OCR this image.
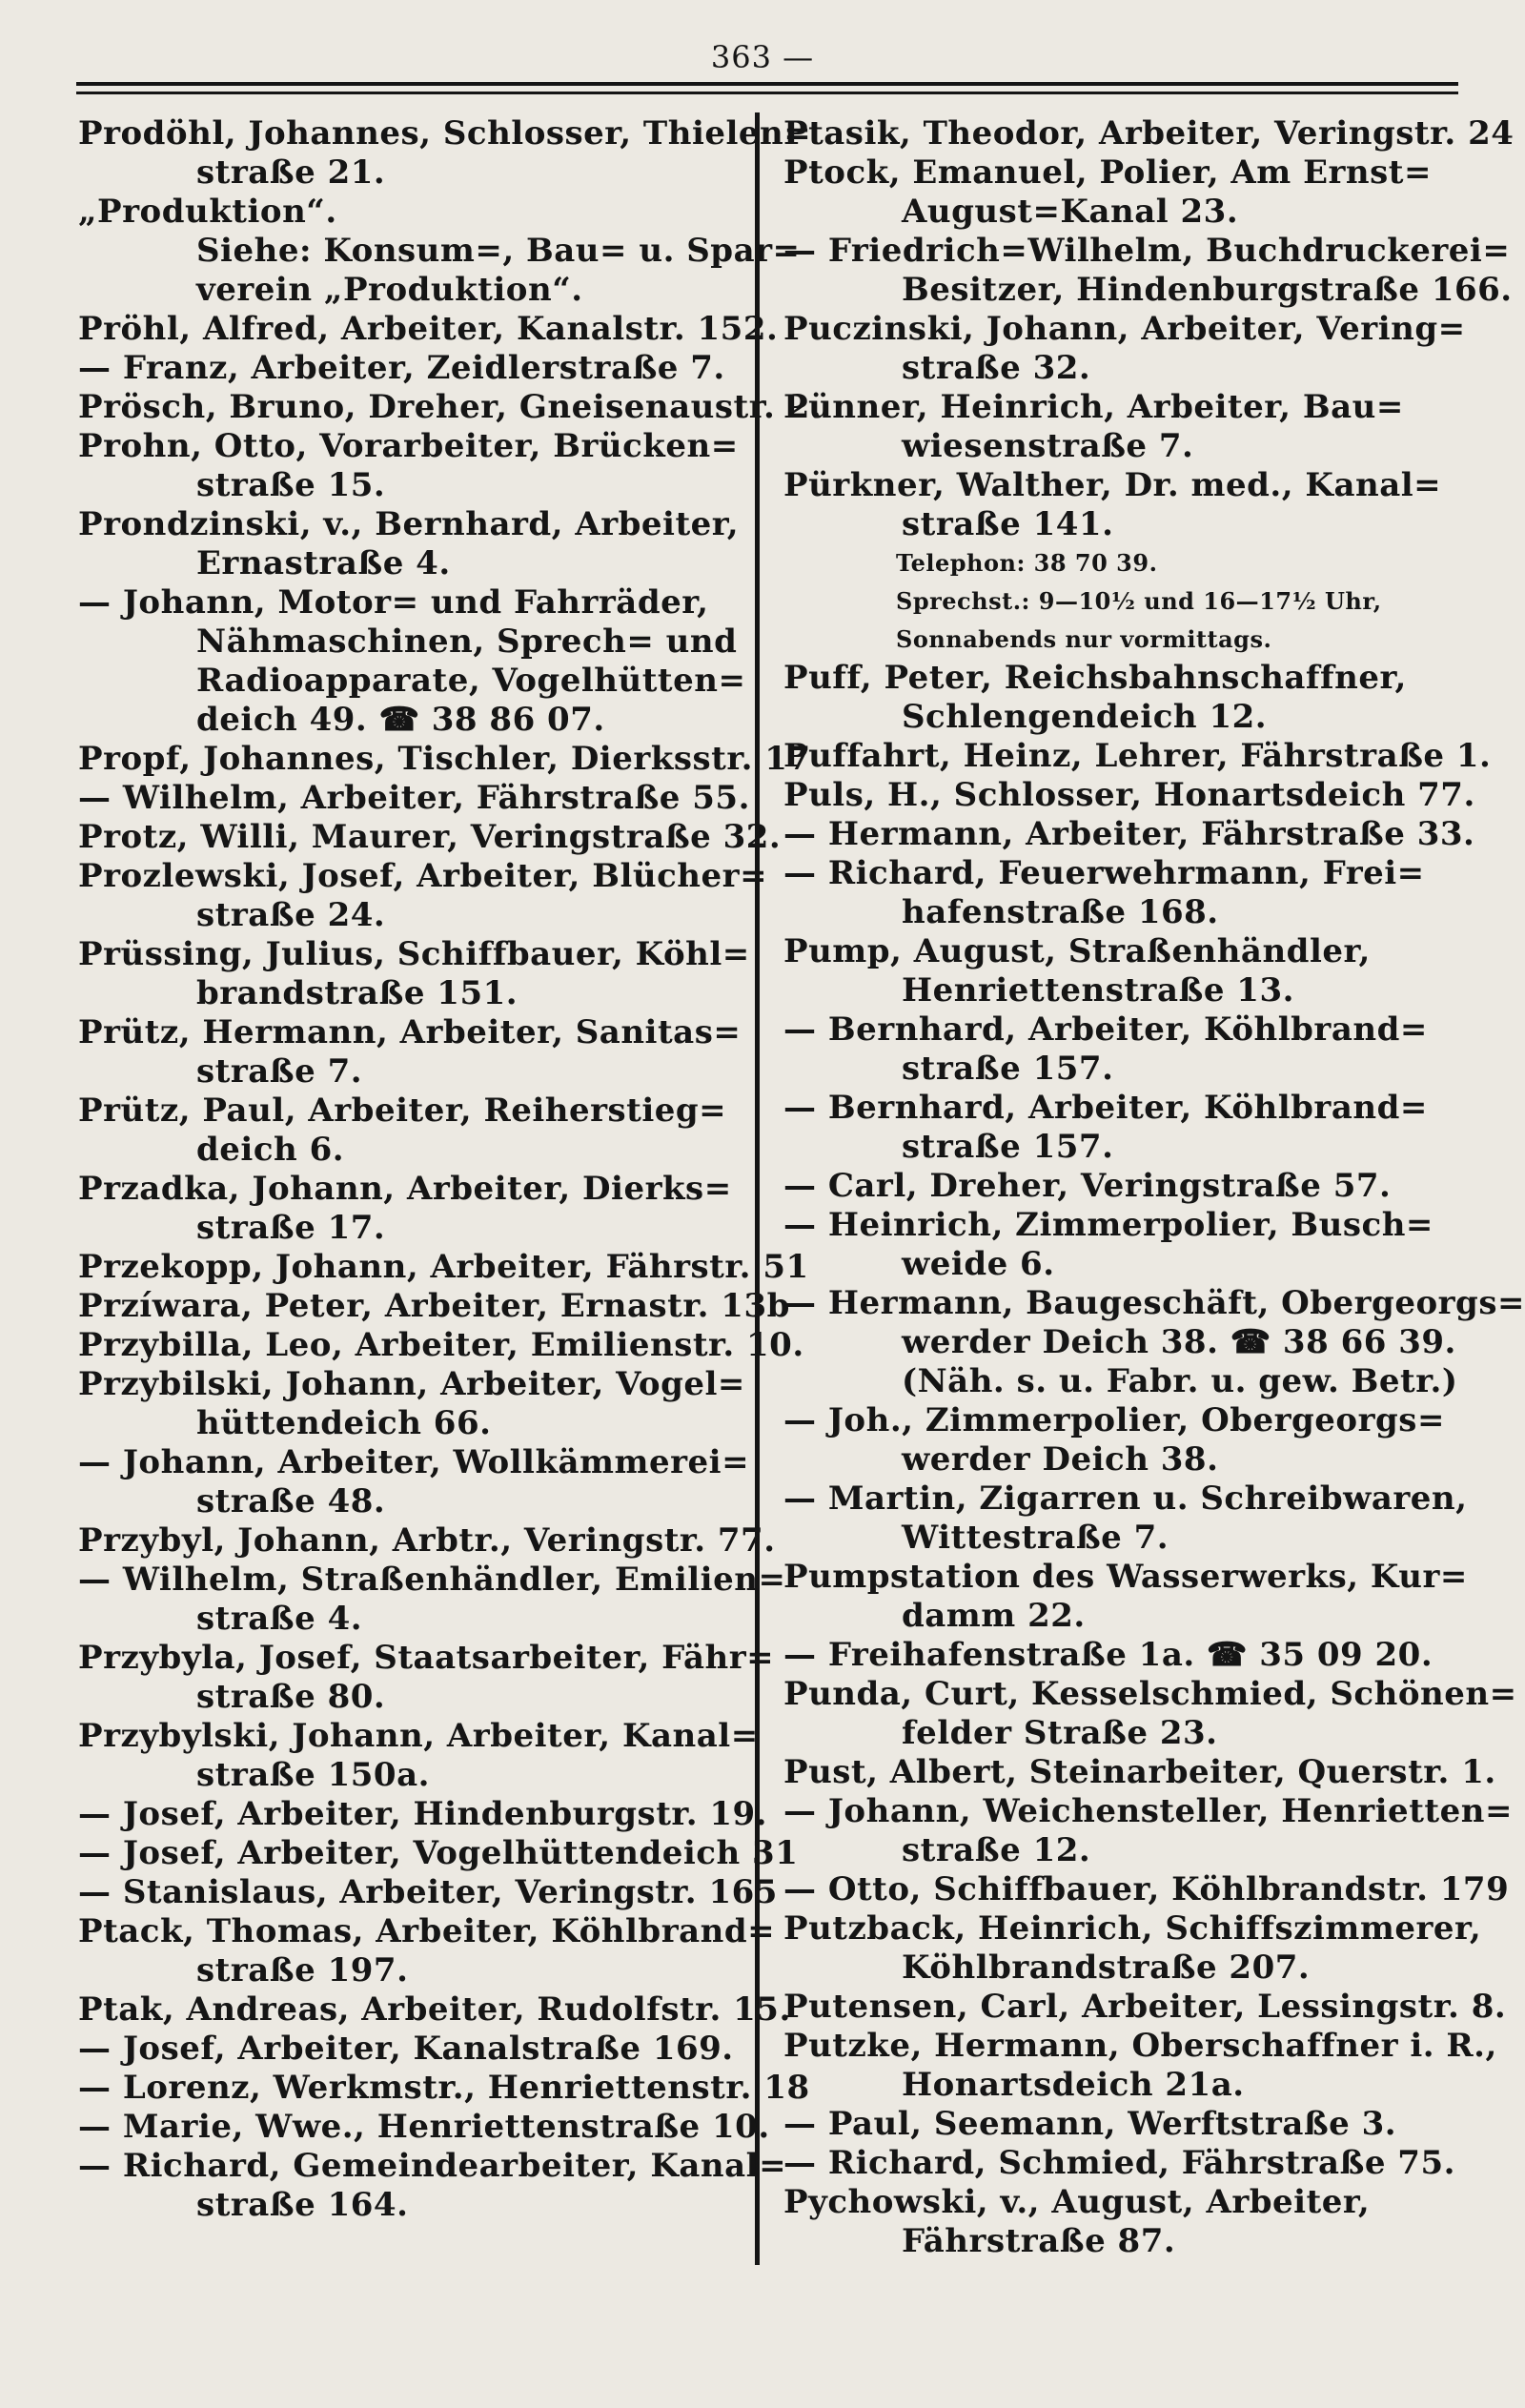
363 —

Prodöhl, Johannes, Schlosser, Thielen=

straße 21.

„Produktion“.

Siehe: Konsum=, Bau= u. Spar=

verein „Produktion“.

Pröhl, Alfred, Arbeiter, Kanalstr. 152.

— Franz, Arbeiter, Zeidlerstraße 7.

Prösch, Bruno, Dreher, Gneisenaustr. 2.

Prohn, Otto, Vorarbeiter, Brücken=

straße 15.

Prondzinski, v., Bernhard, Arbeiter,

Ernastraße 4.

— Johann, Motor= und Fahrräder,

Nähmaschinen, Sprech= und

Radioapparate, Vogelhütten=

deich 49. ☎ 38 86 07.

Propf, Johannes, Tischler, Dierksstr. 17

— Wilhelm, Arbeiter, Fährstraße 55.

Protz, Willi, Maurer, Veringstraße 32.

Prozlewski, Josef, Arbeiter, Blücher=

straße 24.

Prüssing, Julius, Schiffbauer, Köhl=

brandstraße 151.

Prütz, Hermann, Arbeiter, Sanitas=

straße 7.

Prütz, Paul, Arbeiter, Reiherstieg=

deich 6.

Przadka, Johann, Arbeiter, Dierks=

straße 17.

Przekopp, Johann, Arbeiter, Fährstr. 51

Przíwara, Peter, Arbeiter, Ernastr. 13b

Przybilla, Leo, Arbeiter, Emilienstr. 10.

Przybilski, Johann, Arbeiter, Vogel=

hüttendeich 66.

— Johann, Arbeiter, Wollkämmerei=

straße 48.

Przybyl, Johann, Arbtr., Veringstr. 77.

— Wilhelm, Straßenhändler, Emilien=

straße 4.

Przybyla, Josef, Staatsarbeiter, Fähr=

straße 80.

Przybylski, Johann, Arbeiter, Kanal=

straße 150a.

— Josef, Arbeiter, Hindenburgstr. 19.

— Josef, Arbeiter, Vogelhüttendeich 31

— Stanislaus, Arbeiter, Veringstr. 165

Ptack, Thomas, Arbeiter, Köhlbrand=

straße 197.

Ptak, Andreas, Arbeiter, Rudolfstr. 15.

— Josef, Arbeiter, Kanalstraße 169.

— Lorenz, Werkmstr., Henriettenstr. 18

— Marie, Wwe., Henriettenstraße 10.

— Richard, Gemeindearbeiter, Kanal=

straße 164.

Ptasik, Theodor, Arbeiter, Veringstr. 24

Ptock, Emanuel, Polier, Am Ernst=

August=Kanal 23.

— Friedrich=Wilhelm, Buchdruckerei=

Besitzer, Hindenburgstraße 166.

Puczinski, Johann, Arbeiter, Vering=

straße 32.

Pünner, Heinrich, Arbeiter, Bau=

wiesenstraße 7.

Pürkner, Walther, Dr. med., Kanal=

straße 141.

Telephon: 38 70 39.

Sprechst.: 9—10½ und 16—17½ Uhr,

Sonnabends nur vormittags.

Puff, Peter, Reichsbahnschaffner,

Schlengendeich 12.

Puffahrt, Heinz, Lehrer, Fährstraße 1.

Puls, H., Schlosser, Honartsdeich 77.

— Hermann, Arbeiter, Fährstraße 33.

— Richard, Feuerwehrmann, Frei=

hafenstraße 168.

Pump, August, Straßenhändler,

Henriettenstraße 13.

— Bernhard, Arbeiter, Köhlbrand=

straße 157.

— Bernhard, Arbeiter, Köhlbrand=

straße 157.

— Carl, Dreher, Veringstraße 57.

— Heinrich, Zimmerpolier, Busch=

weide 6.

— Hermann, Baugeschäft, Obergeorgs=

werder Deich 38. ☎ 38 66 39.

(Näh. s. u. Fabr. u. gew. Betr.)

— Joh., Zimmerpolier, Obergeorgs=

werder Deich 38.

— Martin, Zigarren u. Schreibwaren,

Wittestraße 7.

Pumpstation des Wasserwerks, Kur=

damm 22.

— Freihafenstraße 1a. ☎ 35 09 20.

Punda, Curt, Kesselschmied, Schönen=

felder Straße 23.

Pust, Albert, Steinarbeiter, Querstr. 1.

— Johann, Weichensteller, Henrietten=

straße 12.

— Otto, Schiffbauer, Köhlbrandstr. 179

Putzback, Heinrich, Schiffszimmerer,

Köhlbrandstraße 207.

Putensen, Carl, Arbeiter, Lessingstr. 8.

Putzke, Hermann, Oberschaffner i. R.,

Honartsdeich 21a.

— Paul, Seemann, Werftstraße 3.

— Richard, Schmied, Fährstraße 75.

Pychowski, v., August, Arbeiter,

Fährstraße 87.
